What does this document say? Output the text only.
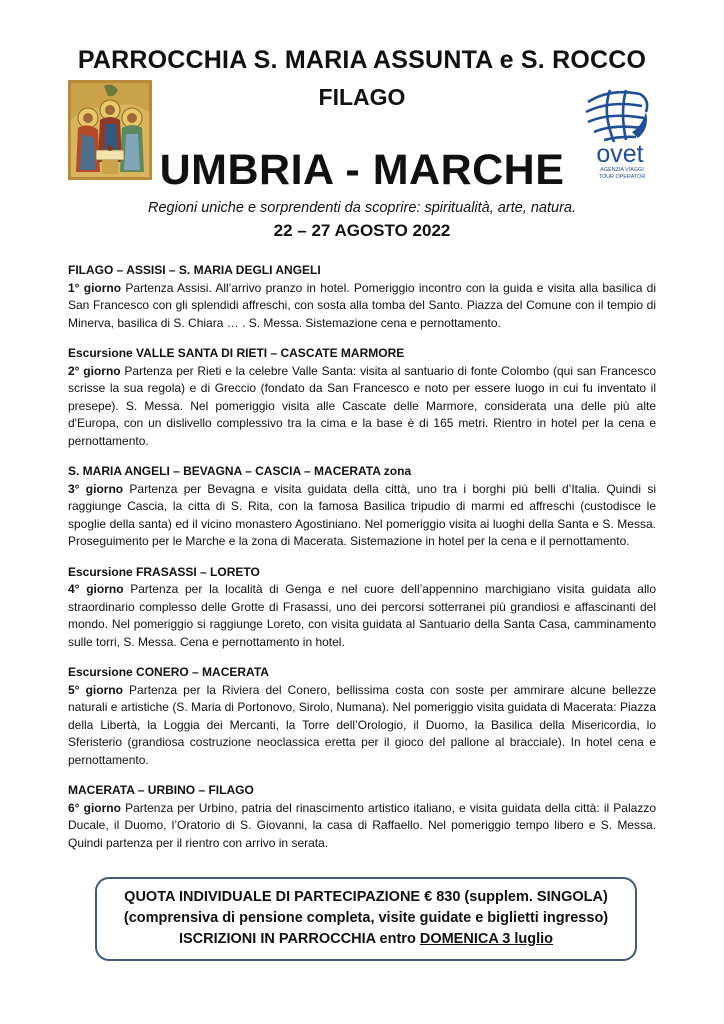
PARROCCHIA S. MARIA ASSUNTA e S. ROCCO
FILAGO
UMBRIA - MARCHE
Regioni uniche e sorprendenti da scoprire: spiritualità, arte, natura.
22 – 27 AGOSTO 2022
ovet
AGENZIA VIAGGI
TOUR OPERATOR

FILAGO – ASSISI – S. MARIA DEGLI ANGELI

1° giorno Partenza Assisi. All’arrivo pranzo in hotel. Pomeriggio incontro con la guida e visita alla basilica di San Francesco con gli splendidi affreschi, con sosta alla tomba del Santo. Piazza del Comune con il tempio di Minerva, basilica di S. Chiara … . S. Messa. Sistemazione cena e pernottamento.

Escursione VALLE SANTA DI RIETI – CASCATE MARMORE

2° giorno Partenza per Rieti e la celebre Valle Santa: visita al santuario di fonte Colombo (qui san Francesco scrisse la sua regola) e di Greccio (fondato da San Francesco e noto per essere luogo in cui fu inventato il presepe). S. Messa. Nel pomeriggio visita alle Cascate delle Marmore, considerata una delle più alte d'Europa, con un dislivello complessivo tra la cima e la base è di 165 metri. Rientro in hotel per la cena e pernottamento.

S. MARIA ANGELI – BEVAGNA – CASCIA – MACERATA zona

3° giorno Partenza per Bevagna e visita guidata della città, uno tra i borghi più belli d’Italia. Quindi si raggiunge Cascia, la citta di S. Rita, con la famosa Basilica tripudio di marmi ed affreschi (custodisce le spoglie della santa) ed il vicino monastero Agostiniano. Nel pomeriggio visita ai luoghi della Santa e S. Messa. Proseguimento per le Marche e la zona di Macerata. Sistemazione in hotel per la cena e il pernottamento.

Escursione FRASASSI – LORETO

4° giorno Partenza per la località di Genga e nel cuore dell’appennino marchigiano visita guidata allo straordinario complesso delle Grotte di Frasassi, uno dei percorsi sotterranei più grandiosi e affascinanti del mondo. Nel pomeriggio si raggiunge Loreto, con visita guidata al Santuario della Santa Casa, camminamento sulle torri, S. Messa. Cena e pernottamento in hotel.

Escursione CONERO – MACERATA

5° giorno Partenza per la Riviera del Conero, bellissima costa con soste per ammirare alcune bellezze naturali e artistiche (S. Maria di Portonovo, Sirolo, Numana). Nel pomeriggio visita guidata di Macerata: Piazza della Libertà, la Loggia dei Mercanti, la Torre dell’Orologio, il Duomo, la Basilica della Misericordia, lo Sferisterio (grandiosa costruzione neoclassica eretta per il gioco del pallone al bracciale). In hotel cena e pernottamento.

MACERATA – URBINO – FILAGO

6° giorno Partenza per Urbino, patria del rinascimento artistico italiano, e visita guidata della città: il Palazzo Ducale, il Duomo, l’Oratorio di S. Giovanni, la casa di Raffaello. Nel pomeriggio tempo libero e S. Messa. Quindi partenza per il rientro con arrivo in serata.

QUOTA INDIVIDUALE DI PARTECIPAZIONE € 830 (supplem. SINGOLA)
(comprensiva di pensione completa, visite guidate e biglietti ingresso)
ISCRIZIONI IN PARROCCHIA entro DOMENICA 3 luglio
